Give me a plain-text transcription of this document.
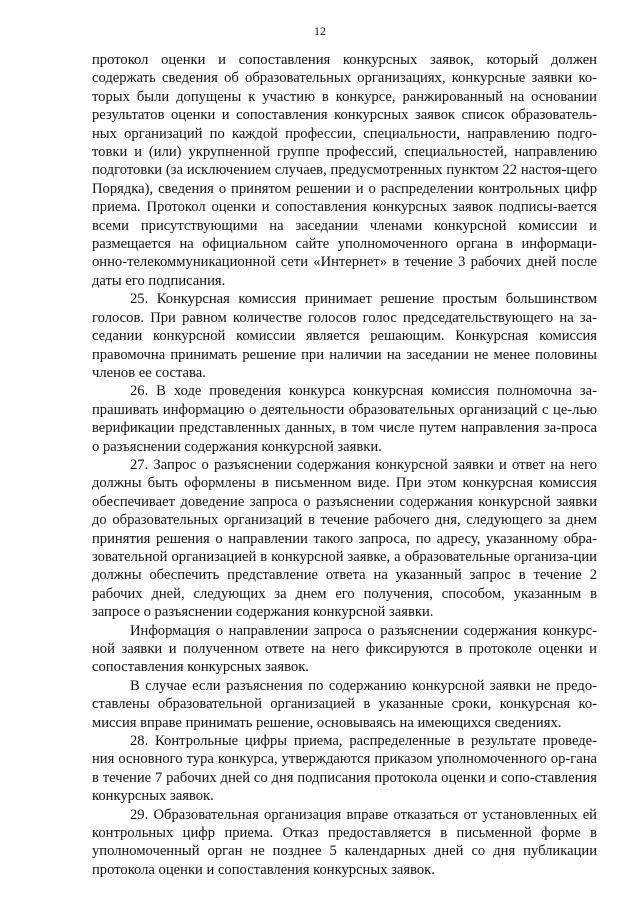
12

протокол оценки и сопоставления конкурсных заявок, который должен содержать сведения об образовательных организациях, конкурсные заявки ко-торых были допущены к участию в конкурсе, ранжированный на основании результатов оценки и сопоставления конкурсных заявок список образователь-ных организаций по каждой профессии, специальности, направлению подго-товки и (или) укрупненной группе профессий, специальностей, направлению подготовки (за исключением случаев, предусмотренных пунктом 22 настоя-щего Порядка), сведения о принятом решении и о распределении контрольных цифр приема. Протокол оценки и сопоставления конкурсных заявок подписы-вается всеми присутствующими на заседании членами конкурсной комиссии и размещается на официальном сайте уполномоченного органа в информаци-онно-телекоммуникационной сети «Интернет» в течение 3 рабочих дней после даты его подписания.

25. Конкурсная комиссия принимает решение простым большинством голосов. При равном количестве голосов голос председательствующего на за-седании конкурсной комиссии является решающим. Конкурсная комиссия правомочна принимать решение при наличии на заседании не менее половины членов ее состава.

26. В ходе проведения конкурса конкурсная комиссия полномочна за-прашивать информацию о деятельности образовательных организаций с це-лью верификации представленных данных, в том числе путем направления за-проса о разъяснении содержания конкурсной заявки.

27. Запрос о разъяснении содержания конкурсной заявки и ответ на него должны быть оформлены в письменном виде. При этом конкурсная комиссия обеспечивает доведение запроса о разъяснении содержания конкурсной заявки до образовательных организаций в течение рабочего дня, следующего за днем принятия решения о направлении такого запроса, по адресу, указанному обра-зовательной организацией в конкурсной заявке, а образовательные организа-ции должны обеспечить представление ответа на указанный запрос в течение 2 рабочих дней, следующих за днем его получения, способом, указанным в запросе о разъяснении содержания конкурсной заявки.

Информация о направлении запроса о разъяснении содержания конкурс-ной заявки и полученном ответе на него фиксируются в протоколе оценки и сопоставления конкурсных заявок.

В случае если разъяснения по содержанию конкурсной заявки не предо-ставлены образовательной организацией в указанные сроки, конкурсная ко-миссия вправе принимать решение, основываясь на имеющихся сведениях.

28. Контрольные цифры приема, распределенные в результате проведе-ния основного тура конкурса, утверждаются приказом уполномоченного ор-гана в течение 7 рабочих дней со дня подписания протокола оценки и сопо-ставления конкурсных заявок.

29. Образовательная организация вправе отказаться от установленных ей контрольных цифр приема. Отказ предоставляется в письменной форме в уполномоченный орган не позднее 5 календарных дней со дня публикации протокола оценки и сопоставления конкурсных заявок.
